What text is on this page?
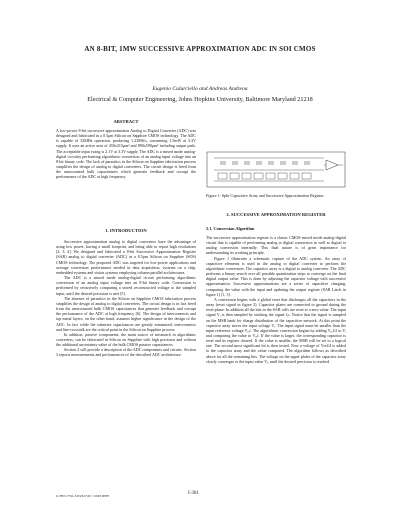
AN 8-BIT, 1MW SUCCESSIVE APPROXIMATION ADC IN SOI CMOS
Eugenio Culurciello and Andreas Andreou
Electrical & Computer Engineering, Johns Hopkins University, Baltimore Maryland 21218
ABSTRACT

A low-power 8-bit successive approximation Analog to Digital Converter (ADC) was designed and fabricated in a 0.5μm Silicon on Sapphire CMOS technology. The ADC is capable of 32MHz operation, producing 1.23MS/s, consuming 1.5mW at 3.3V supply. It uses an active area of 450x315μm² and 890x590μm² including output pads. The acceptable input swing is 2.1V at 3.3V supply. The ADC is a mixed mode analog-digital circuitry performing algorithmic conversion of an analog input voltage into an 8-bit binary code. The lack of parasitics in the Silicon on Sapphire fabrication process simplifies the design of analog to digital converters. The circuit design is freed from the unaccounted bulk capacitances which generate feedback and corrupt the performance of the ADC at high frequency.

1. INTRODUCTION

Successive approximation analog to digital converters have the advantage of using low power, having a small footprint, and being able to report high resolutions [2, 3, 4]. We designed and fabricated a 8-bit Successive Approximation Register (SAR) analog to digital converter (ADC) in a 0.5μm Silicon on Sapphire (SOS) CMOS technology. The proposed ADC was targeted for low-power applications and average conversion performance needed in data acquisition, systems on a chip, embedded systems and vision systems employing column parallel architectures.

The ADC is a mixed mode analog-digital circuit performing algorithmic conversion of an analog input voltage into an 8-bit binary code. Conversion is performed by recursively comparing a stored reconstructed voltage to the sampled input, until the desired precision is met [5].

The absence of parasitics in the Silicon on Sapphire CMOS fabrication process simplifies the design of analog to digital converters. The circuit design is in fact freed from the unaccounted bulk CMOS capacitances that generate feedback and corrupt the performance of the ADC at high frequency [6]. The design of interconnects and top metal layers, on the other hand, assumes higher significance in the design of the ADC. In fact while the substrate capacitances are greatly minimized, interconnects and line-crosstalk are the critical point in the Silicon on Sapphire process.

In addition, passive components, the main source of mismatch in algorithmic converters, can be fabricated in Silicon on Sapphire with high precision and without the additional uncertainty value of the bulk CMOS passive capacitances.

Section 2 will provide a description of the ADC components and circuits. Section 3 reports measurements and performances of the described ADC architecture.

Figure 1: Split Capacitive Array and Successive Approximation Register.
2. SUCCESSIVE APPROXIMATION REGISTER
2.1. Conversion Algorithm

The successive approximation register is a classic CMOS mixed mode analog-digital circuit that is capable of performing analog to digital conversion as well as digital to analog conversion internally. This dual nature is of great importance for understanding its working principle.

Figure 1 illustrates a schematic capture of the ADC system. An array of capacitive elements is used in the analog to digital converter to perform the algorithmic conversion. The capacitor array is a digital to analog converter. The ADC performs a binary search over all possible quantization steps to converge on the final digital output value. This is done by adjusting the capacitor voltage with successive approximation. Successive approximations are a series of capacitive charging, comparing the value with the input and updating the output register (SAR Latch in figure 1) [1, 5].

A conversion begins with a global reset that discharges all the capacitors in the array (reset signal in figure 2). Capacitor plates are connected to ground during the reset phase. In addition all the bits in the SAR cells are reset to a zero value. The input signal Vᵢ is then sampled by strobing the signal fᵢₙ. Notice that the signal is sampled on the MSB bank for charge distribution of the capacitive network. At this point the capacitor array stores the input voltage Vᵢ. The input signal must be smaller than the input reference voltage Vᵣₑf. The algorithmic conversion begins by adding Vᵣₑf/2 to Vᵢ and comparing the value to Vᵣₑf. If the value is larger, the corresponding capacitor is reset and its register cleared. If the value is smaller, the MSB will be set to a logical one. The second most significant bit is then tested. Now a voltage of Vref/4 is added to the capacitor array and the value compared. The algorithm follows as described above for all the remaining bits. The voltage on the upper plates of the capacitor array slowly converges to the input value Vᵢ, until the desired precision is reached.

0-7803-7761-3/03/$17.00 ©2003 IEEE	I-301
